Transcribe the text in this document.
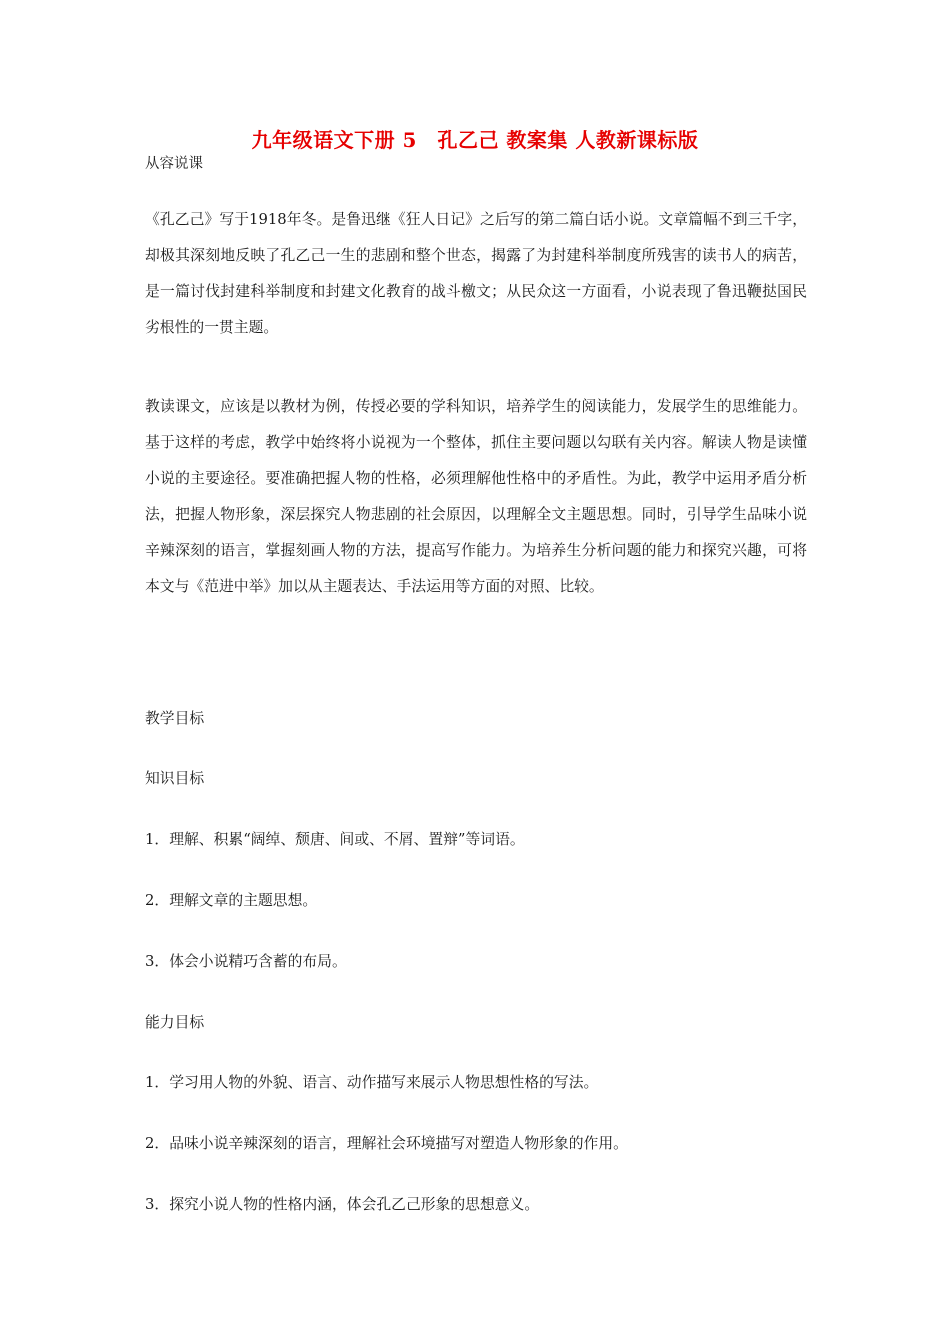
九年级语文下册 5　孔乙己 教案集 人教新课标版
从容说课

《孔乙己》写于1918年冬。是鲁迅继《狂人日记》之后写的第二篇白话小说。文章篇幅不到三千字，却极其深刻地反映了孔乙己一生的悲剧和整个世态，揭露了为封建科举制度所残害的读书人的病苦，是一篇讨伐封建科举制度和封建文化教育的战斗檄文；从民众这一方面看，小说表现了鲁迅鞭挞国民劣根性的一贯主题。

教读课文，应该是以教材为例，传授必要的学科知识，培养学生的阅读能力，发展学生的思维能力。基于这样的考虑，教学中始终将小说视为一个整体，抓住主要问题以勾联有关内容。解读人物是读懂小说的主要途径。要准确把握人物的性格，必须理解他性格中的矛盾性。为此，教学中运用矛盾分析法，把握人物形象，深层探究人物悲剧的社会原因，以理解全文主题思想。同时，引导学生品味小说辛辣深刻的语言，掌握刻画人物的方法，提高写作能力。为培养生分析问题的能力和探究兴趣，可将本文与《范进中举》加以从主题表达、手法运用等方面的对照、比较。

教学目标
知识目标
1．理解、积累“阔绰、颓唐、间或、不屑、置辩”等词语。
2．理解文章的主题思想。
3．体会小说精巧含蓄的布局。
能力目标
1．学习用人物的外貌、语言、动作描写来展示人物思想性格的写法。
2．品味小说辛辣深刻的语言，理解社会环境描写对塑造人物形象的作用。
3．探究小说人物的性格内涵，体会孔乙己形象的思想意义。
